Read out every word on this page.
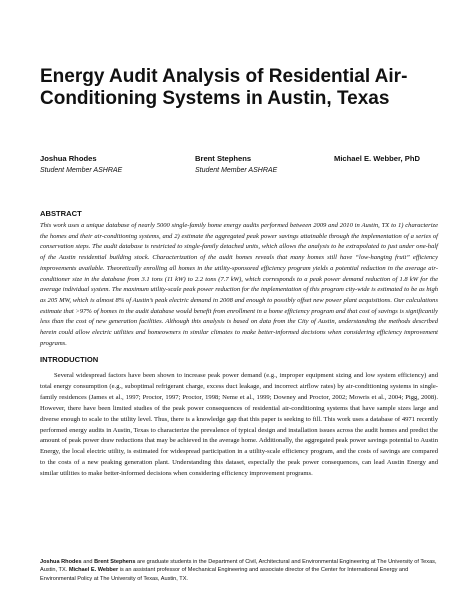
Energy Audit Analysis of Residential Air-Conditioning Systems in Austin, Texas
Joshua Rhodes
Student Member ASHRAE
Brent Stephens
Student Member ASHRAE
Michael E. Webber, PhD
ABSTRACT

This work uses a unique database of nearly 5000 single-family home energy audits performed between 2009 and 2010 in Austin, TX to 1) characterize the homes and their air-conditioning systems, and 2) estimate the aggregated peak power savings attainable through the implementation of a series of conservation steps. The audit database is restricted to single-family detached units, which allows the analysis to be extrapolated to just under one-half of the Austin residential building stock. Characterization of the audit homes reveals that many homes still have “low-hanging fruit” efficiency improvements available. Theoretically enrolling all homes in the utility-sponsored efficiency program yields a potential reduction in the average air-conditioner size in the database from 3.1 tons (11 kW) to 2.2 tons (7.7 kW), which corresponds to a peak power demand reduction of 1.8 kW for the average individual system. The maximum utility-scale peak power reduction for the implementation of this program city-wide is estimated to be as high as 205 MW, which is almost 8% of Austin’s peak electric demand in 2008 and enough to possibly offset new power plant acquisitions. Our calculations estimate that >97% of homes in the audit database would benefit from enrollment in a home efficiency program and that cost of savings is significantly less than the cost of new generation facilities. Although this analysis is based on data from the City of Austin, understanding the methods described herein could allow electric utilities and homeowners in similar climates to make better-informed decisions when considering efficiency improvement programs.

INTRODUCTION

Several widespread factors have been shown to increase peak power demand (e.g., improper equipment sizing and low system efficiency) and total energy consumption (e.g., suboptimal refrigerant charge, excess duct leakage, and incorrect airflow rates) by air-conditioning systems in single-family residences (James et al., 1997; Proctor, 1997; Proctor, 1998; Neme et al., 1999; Downey and Proctor, 2002; Mowris et al., 2004; Pigg, 2008). However, there have been limited studies of the peak power consequences of residential air-conditioning systems that have sample sizes large and diverse enough to scale to the utility level. Thus, there is a knowledge gap that this paper is seeking to fill. This work uses a database of 4971 recently performed energy audits in Austin, Texas to characterize the prevalence of typical design and installation issues across the audit homes and predict the amount of peak power draw reductions that may be achieved in the average home. Additionally, the aggregated peak power savings potential to Austin Energy, the local electric utility, is estimated for widespread participation in a utility-scale efficiency program, and the costs of savings are compared to the costs of a new peaking generation plant. Understanding this dataset, especially the peak power consequences, can lead Austin Energy and similar utilities to make better-informed decisions when considering efficiency improvement programs.

Joshua Rhodes and Brent Stephens are graduate students in the Department of Civil, Architectural and Environmental Engineering at The University of Texas, Austin, TX. Michael E. Webber is an assistant professor of Mechanical Engineering and associate director of the Center for International Energy and Environmental Policy at The University of Texas, Austin, TX.
